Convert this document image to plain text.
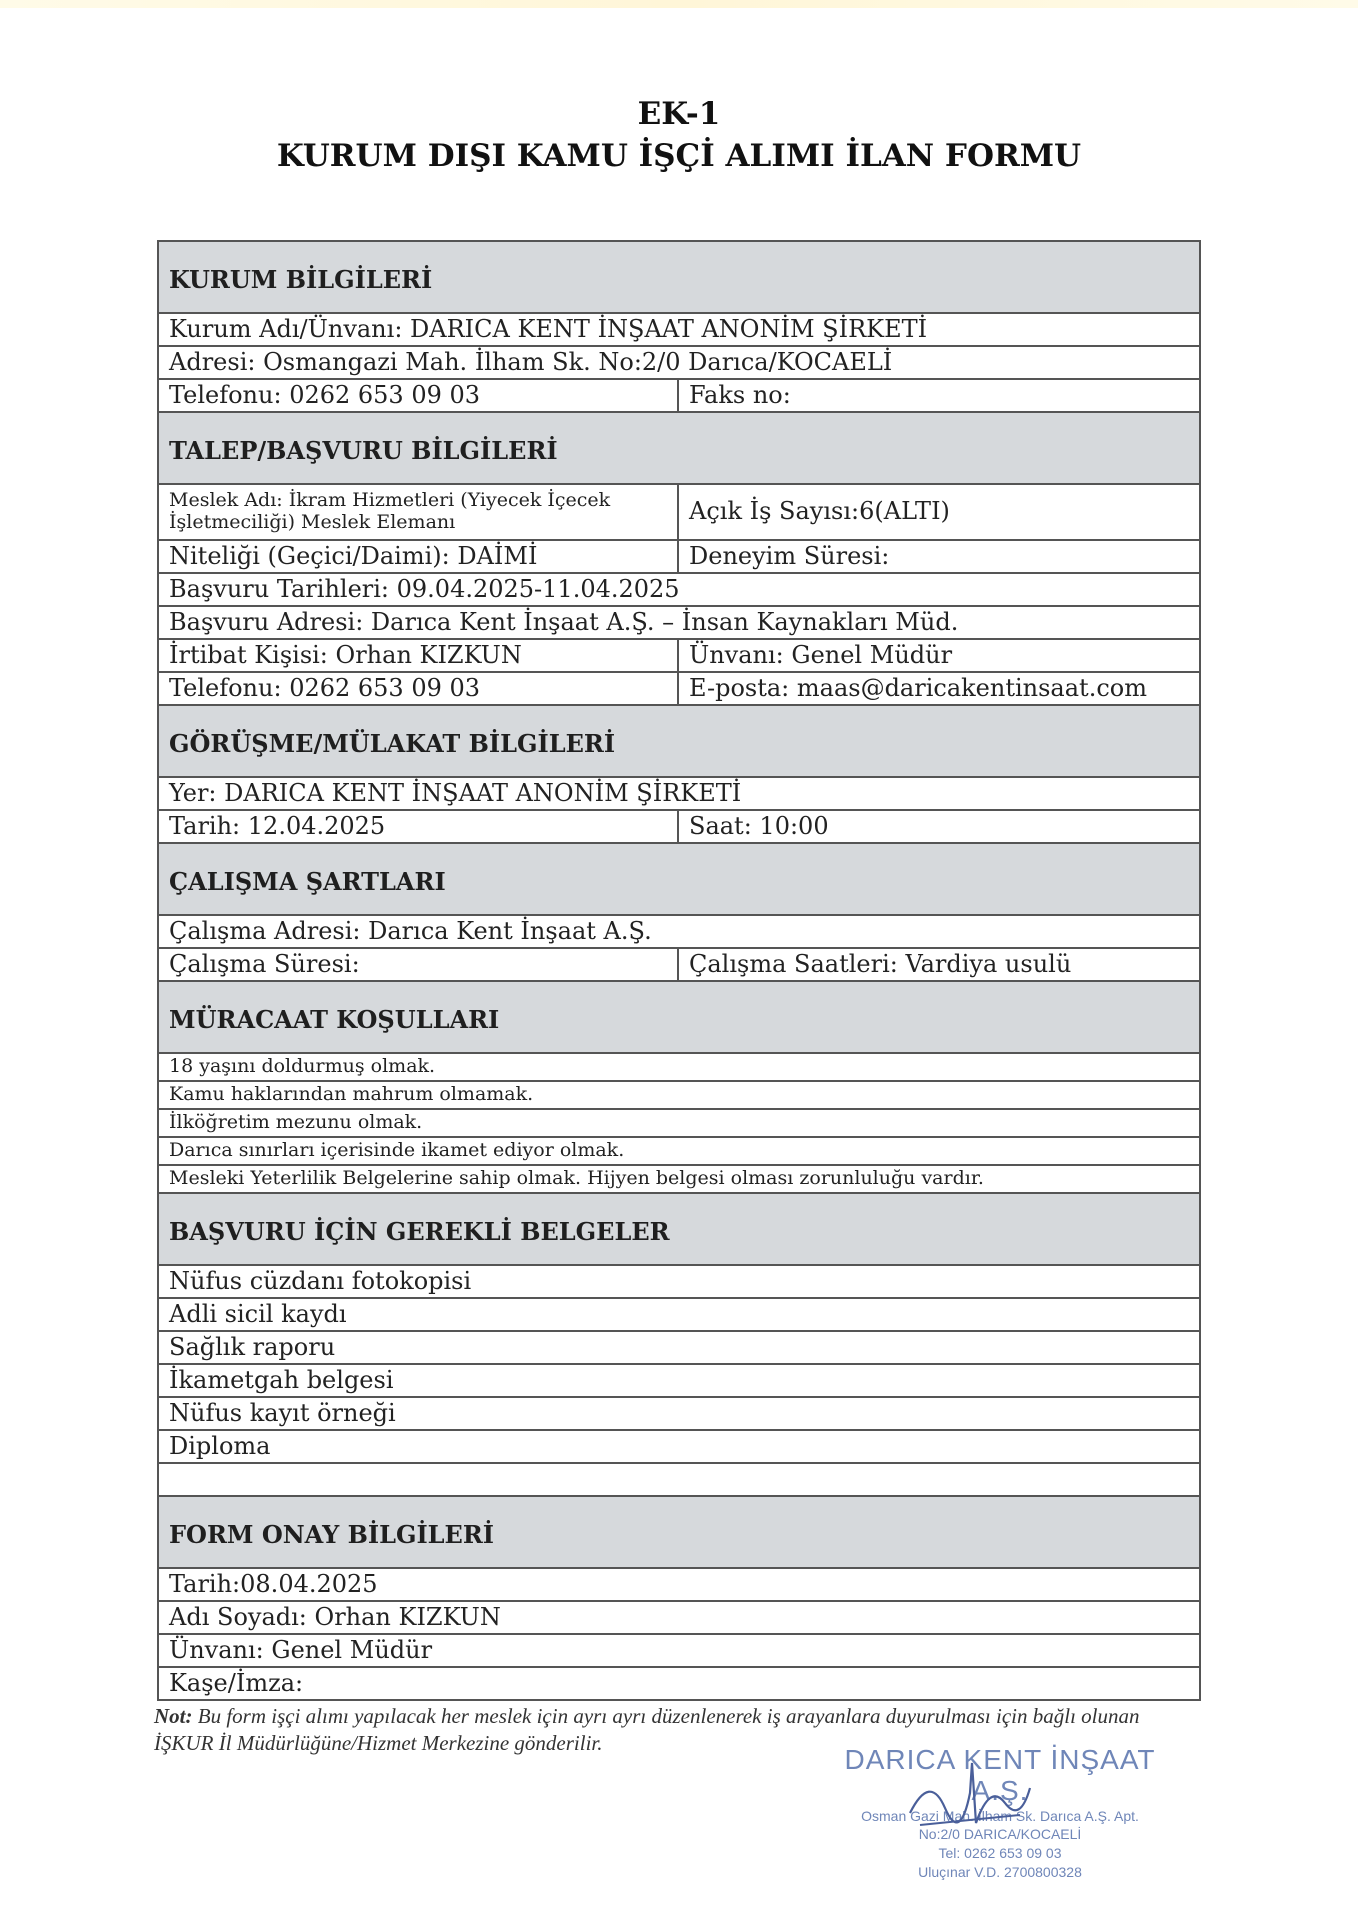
EK-1
KURUM DIŞI KAMU İŞÇİ ALIMI İLAN FORMU
KURUM BİLGİLERİ	
Kurum Adı/Ünvanı: DARICA KENT İNŞAAT ANONİM ŞİRKETİ	
Adresi: Osmangazi Mah. İlham Sk. No:2/0 Darıca/KOCAELİ	
Telefonu: 0262 653 09 03	Faks no:
TALEP/BAŞVURU BİLGİLERİ	
Meslek Adı: İkram Hizmetleri (Yiyecek İçecek İşletmeciliği) Meslek Elemanı	Açık İş Sayısı:6(ALTI)
Niteliği (Geçici/Daimi): DAİMİ	Deneyim Süresi:
Başvuru Tarihleri: 09.04.2025-11.04.2025	
Başvuru Adresi: Darıca Kent İnşaat A.Ş. – İnsan Kaynakları Müd.	
İrtibat Kişisi: Orhan KIZKUN	Ünvanı: Genel Müdür
Telefonu: 0262 653 09 03	E-posta: maas@daricakentinsaat.com
GÖRÜŞME/MÜLAKAT BİLGİLERİ	
Yer: DARICA KENT İNŞAAT ANONİM ŞİRKETİ	
Tarih: 12.04.2025	Saat: 10:00
ÇALIŞMA ŞARTLARI	
Çalışma Adresi: Darıca Kent İnşaat A.Ş.	
Çalışma Süresi:	Çalışma Saatleri: Vardiya usulü
MÜRACAAT KOŞULLARI	
18 yaşını doldurmuş olmak.	
Kamu haklarından mahrum olmamak.	
İlköğretim mezunu olmak.	
Darıca sınırları içerisinde ikamet ediyor olmak.	
Mesleki Yeterlilik Belgelerine sahip olmak. Hijyen belgesi olması zorunluluğu vardır.	
BAŞVURU İÇİN GEREKLİ BELGELER	
Nüfus cüzdanı fotokopisi	
Adli sicil kaydı	
Sağlık raporu	
İkametgah belgesi	
Nüfus kayıt örneği	
Diploma	

FORM ONAY BİLGİLERİ	
Tarih:08.04.2025	
Adı Soyadı: Orhan KIZKUN	
Ünvanı: Genel Müdür	
Kaşe/İmza:	
Not: Bu form işçi alımı yapılacak her meslek için ayrı ayrı düzenlenerek iş arayanlara duyurulması için bağlı olunan İŞKUR İl Müdürlüğüne/Hizmet Merkezine gönderilir.
DARICA KENT İNŞAAT A.Ş.
Osman Gazi Mah. İlham Sk. Darıca A.Ş. Apt.
No:2/0 DARICA/KOCAELİ
Tel: 0262 653 09 03
Uluçınar V.D. 2700800328
